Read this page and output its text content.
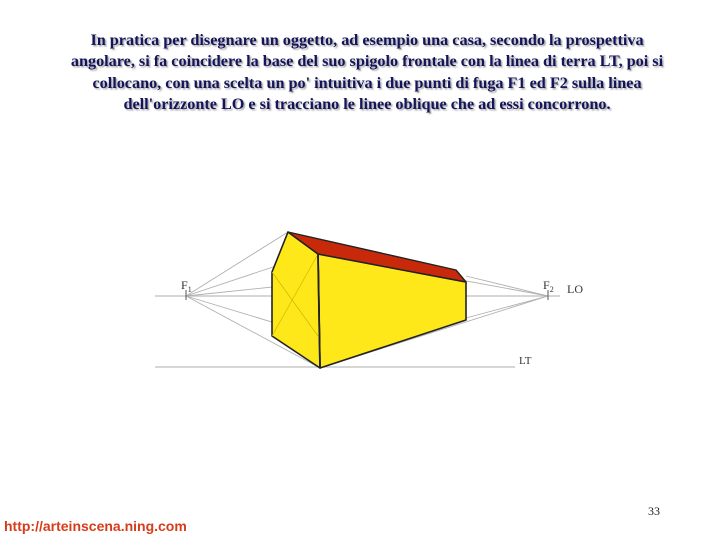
In pratica per disegnare un oggetto, ad esempio una casa, secondo la prospettiva angolare, si fa coincidere la base del suo spigolo frontale con la linea di terra LT, poi si collocano, con una scelta un po' intuitiva i due punti di fuga F1 ed F2 sulla linea dell'orizzonte LO e si tracciano le linee oblique che ad essi concorrono.

$F_1$	$F_2$ LO
LT
33
http://arteinscena.ning.com
